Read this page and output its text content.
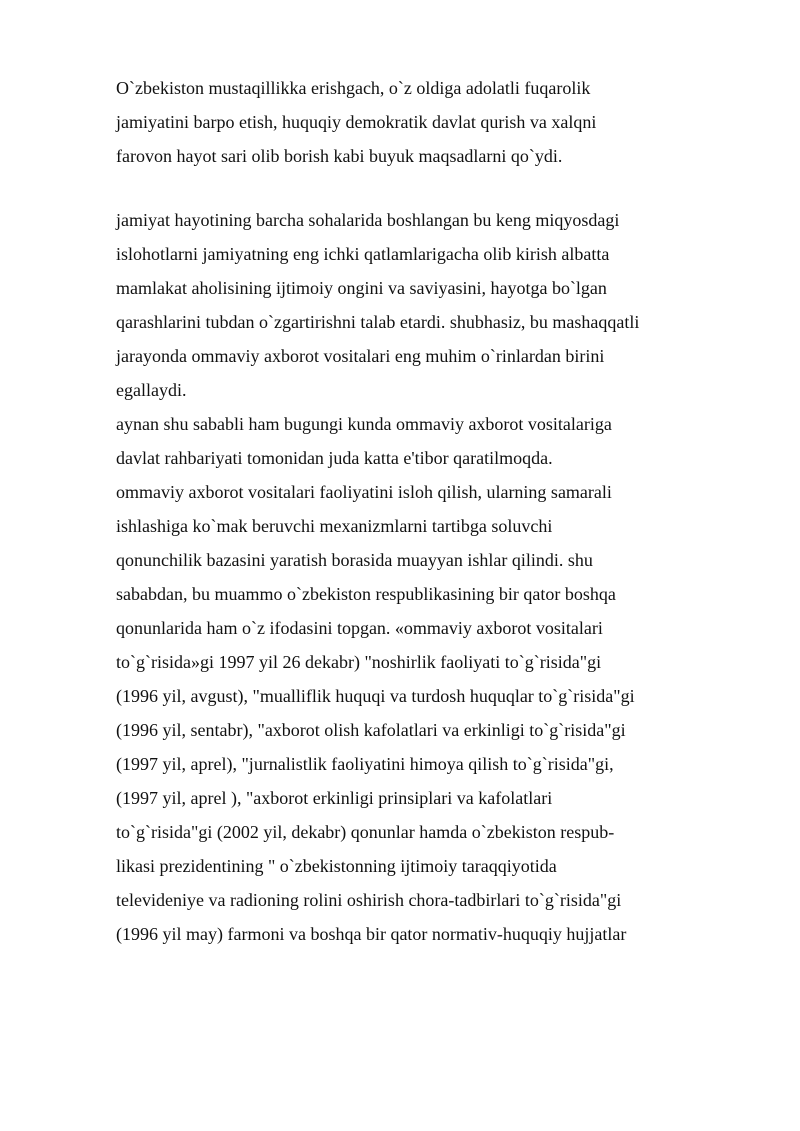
O`zbekiston mustaqillikka erishgach, o`z oldiga adolatli fuqarolik
jamiyatini barpo etish, huquqiy demokratik davlat qurish va xalqni
farovon hayot sari olib borish kabi buyuk maqsadlarni qo`ydi.
jamiyat hayotining barcha sohalarida boshlangan bu keng miqyosdagi
islohotlarni jamiyatning eng ichki qatlamlarigacha olib kirish albatta
mamlakat aholisining ijtimoiy ongini va saviyasini, hayotga bo`lgan
qarashlarini tubdan o`zgartirishni talab etardi. shubhasiz, bu mashaqqatli
jarayonda ommaviy axborot vositalari eng muhim o`rinlardan birini
egallaydi.
aynan shu sababli ham bugungi kunda ommaviy axborot vositalariga
davlat rahbariyati tomonidan juda katta e'tibor qaratilmoqda.
ommaviy axborot vositalari faoliyatini isloh qilish, ularning samarali
ishlashiga ko`mak beruvchi mexanizmlarni tartibga soluvchi
qonunchilik bazasini yaratish borasida muayyan ishlar qilindi. shu
sababdan, bu muammo o`zbekiston respublikasining bir qator boshqa
qonunlarida ham o`z ifodasini topgan. «ommaviy axborot vositalari
to`g`risida»gi 1997 yil 26 dekabr) "noshirlik faoliyati to`g`risida"gi
(1996 yil, avgust), "mualliflik huquqi va turdosh huquqlar to`g`risida"gi
(1996 yil, sentabr), "axborot olish kafolatlari va erkinligi to`g`risida"gi
(1997 yil, aprel), "jurnalistlik faoliyatini himoya qilish to`g`risida"gi,
(1997 yil, aprel ), "axborot erkinligi prinsiplari va kafolatlari
to`g`risida"gi (2002 yil, dekabr) qonunlar hamda o`zbekiston respub-
likasi prezidentining " o`zbekistonning ijtimoiy taraqqiyotida
televideniye va radioning rolini oshirish chora-tadbirlari to`g`risida"gi
(1996 yil may) farmoni va boshqa bir qator normativ-huquqiy hujjatlar
